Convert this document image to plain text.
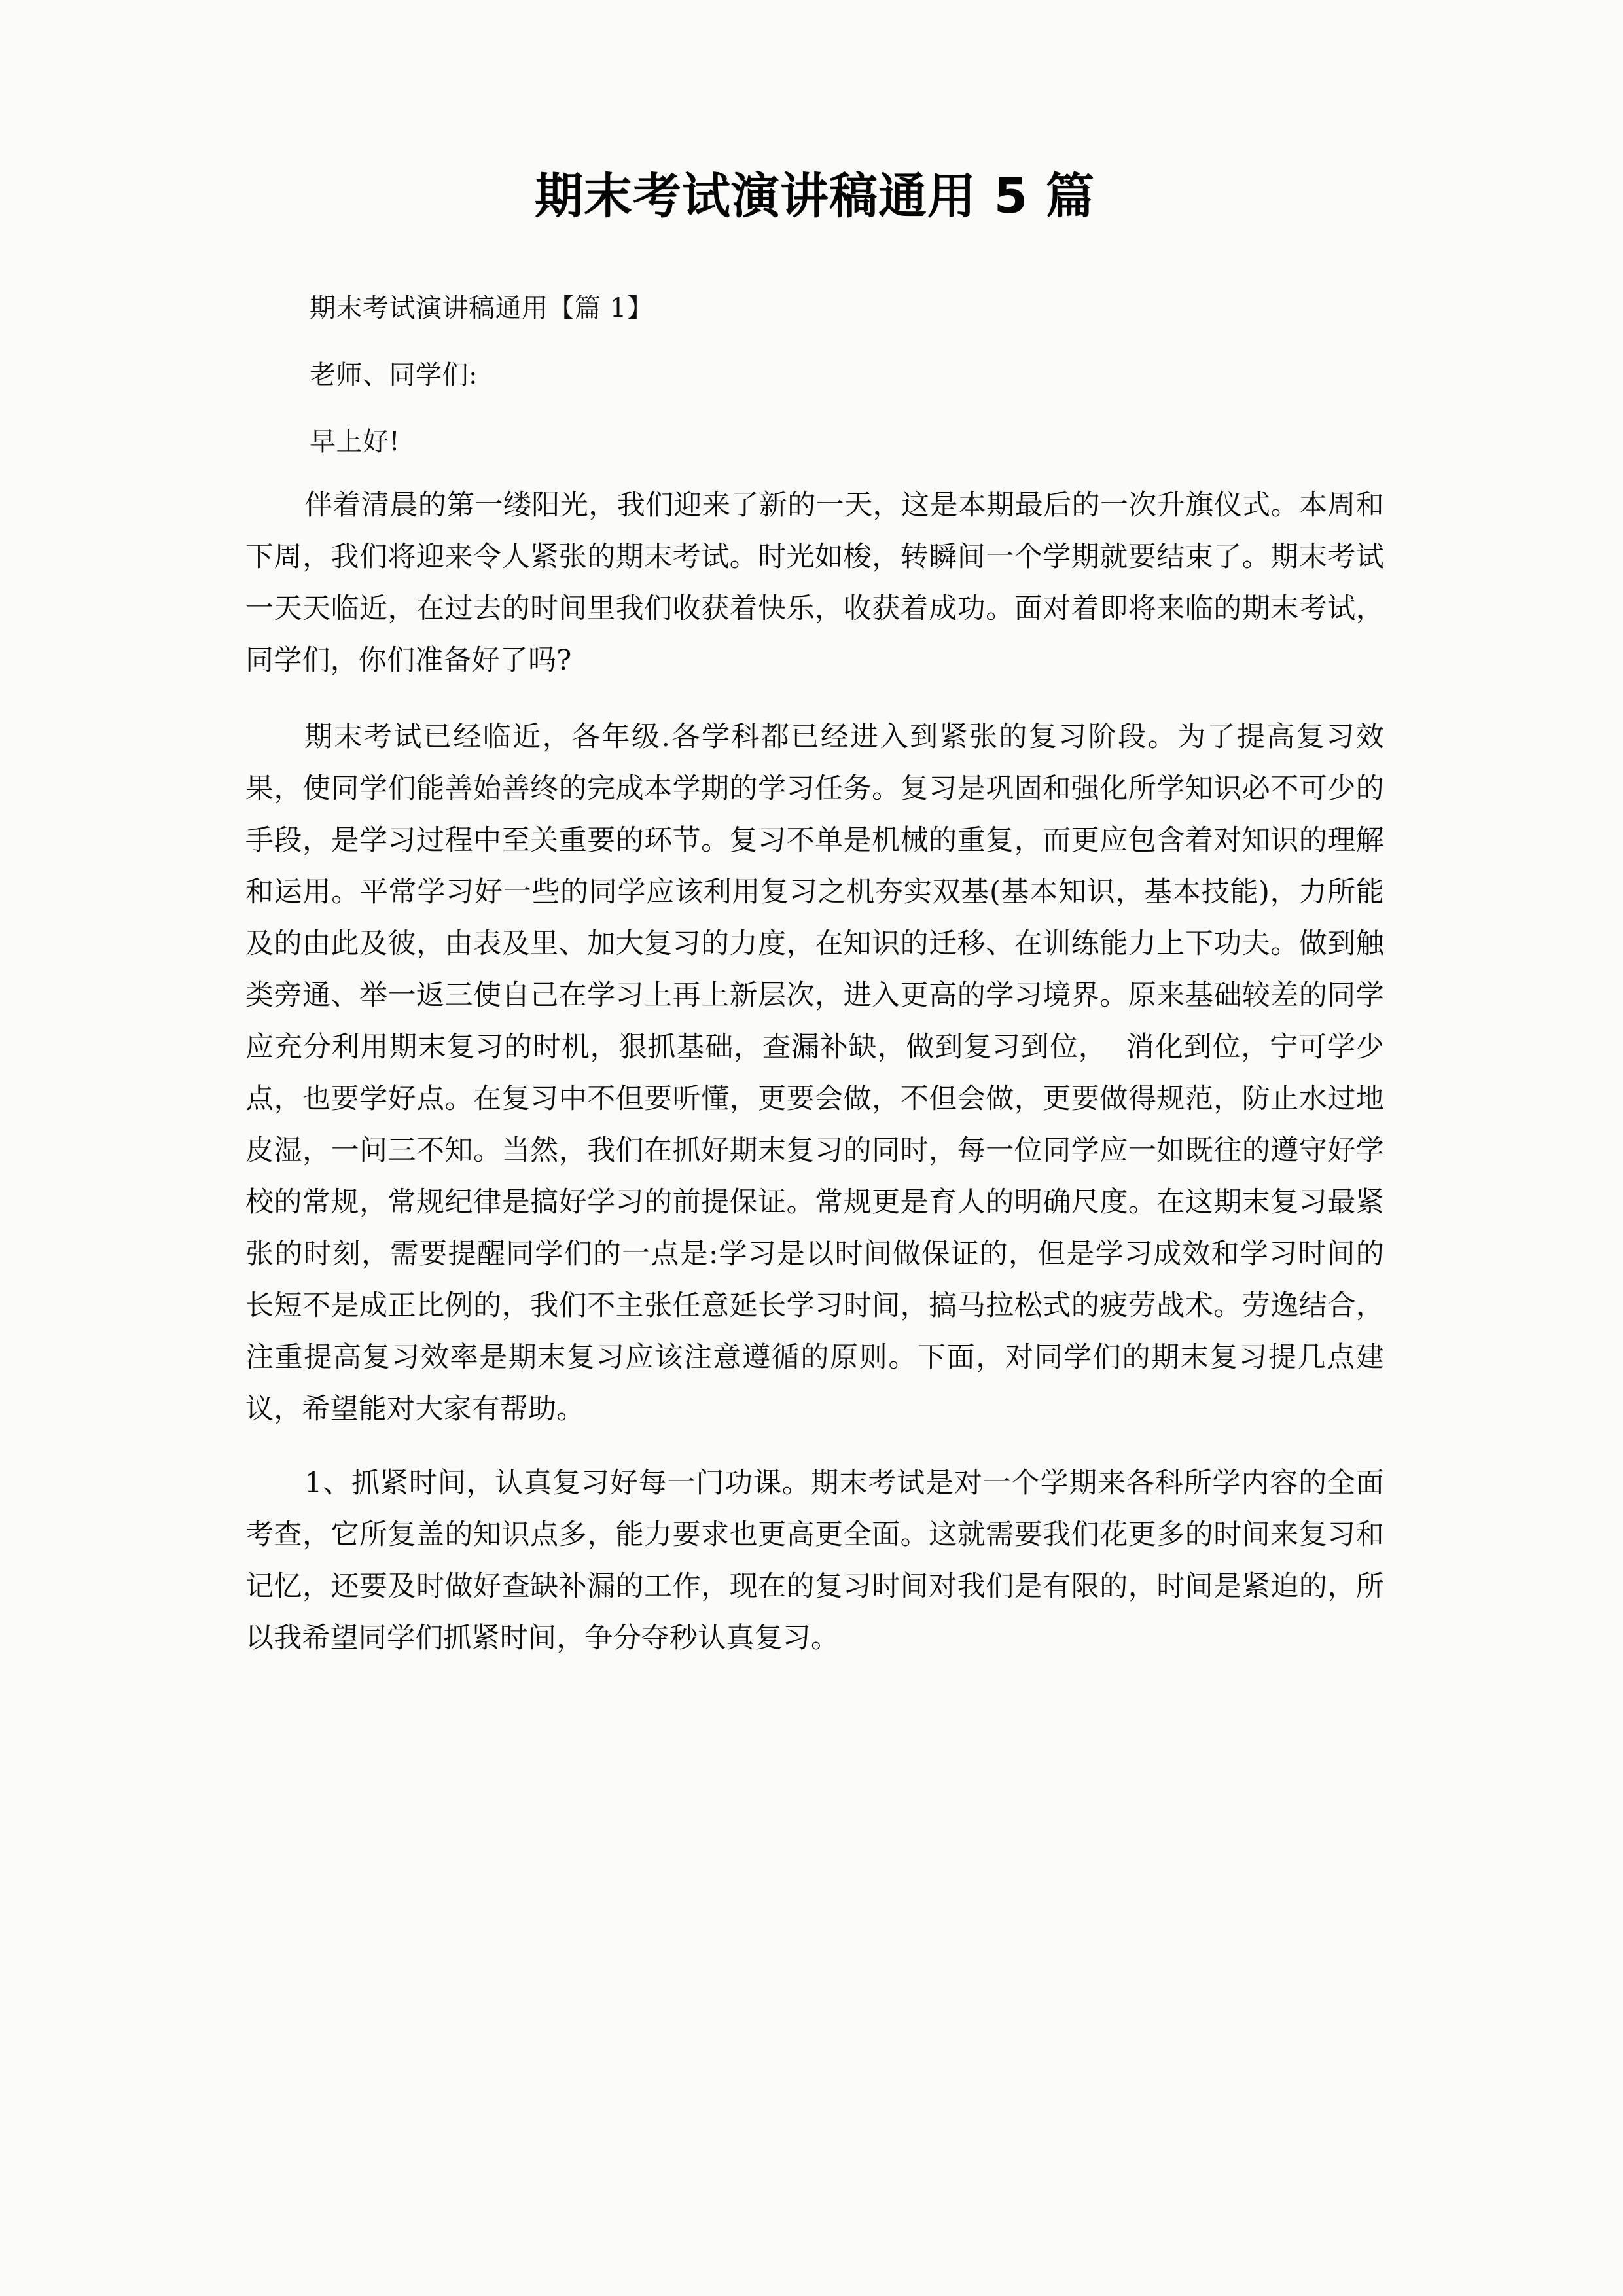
期末考试演讲稿通用 5 篇

期末考试演讲稿通用【篇 1】

老师、同学们:

早上好!

伴着清晨的第一缕阳光，我们迎来了新的一天，这是本期最后的一次升旗仪式。本周和下周，我们将迎来令人紧张的期末考试。时光如梭，转瞬间一个学期就要结束了。期末考试一天天临近，在过去的时间里我们收获着快乐，收获着成功。面对着即将来临的期末考试，同学们，你们准备好了吗?

期末考试已经临近，各年级.各学科都已经进入到紧张的复习阶段。为了提高复习效果，使同学们能善始善终的完成本学期的学习任务。复习是巩固和强化所学知识必不可少的手段，是学习过程中至关重要的环节。复习不单是机械的重复，而更应包含着对知识的理解和运用。平常学习好一些的同学应该利用复习之机夯实双基(基本知识，基本技能)，力所能及的由此及彼，由表及里、加大复习的力度，在知识的迁移、在训练能力上下功夫。做到触类旁通、举一返三使自己在学习上再上新层次，进入更高的学习境界。原来基础较差的同学应充分利用期末复习的时机，狠抓基础，查漏补缺，做到复习到位，  消化到位，宁可学少点，也要学好点。在复习中不但要听懂，更要会做，不但会做，更要做得规范，防止水过地皮湿，一问三不知。当然，我们在抓好期末复习的同时，每一位同学应一如既往的遵守好学校的常规，常规纪律是搞好学习的前提保证。常规更是育人的明确尺度。在这期末复习最紧  张的时刻，需要提醒同学们的一点是:学习是以时间做保证的，但是学习成效和学习时间的长短不是成正比例的，我们不主张任意延长学习时间，搞马拉松式的疲劳战术。劳逸结合，注重提高复习效率是期末复习应该注意遵循的原则。下面，对同学们的期末复习提几点建议，希望能对大家有帮助。

1、抓紧时间，认真复习好每一门功课。期末考试是对一个学期来各科所学内容的全面考查，它所复盖的知识点多，能力要求也更高更全面。这就需要我们花更多的时间来复习和记忆，还要及时做好查缺补漏的工作，现在的复习时间对我们是有限的，时间是紧迫的，所以我希望同学们抓紧时间，争分夺秒认真复习。
